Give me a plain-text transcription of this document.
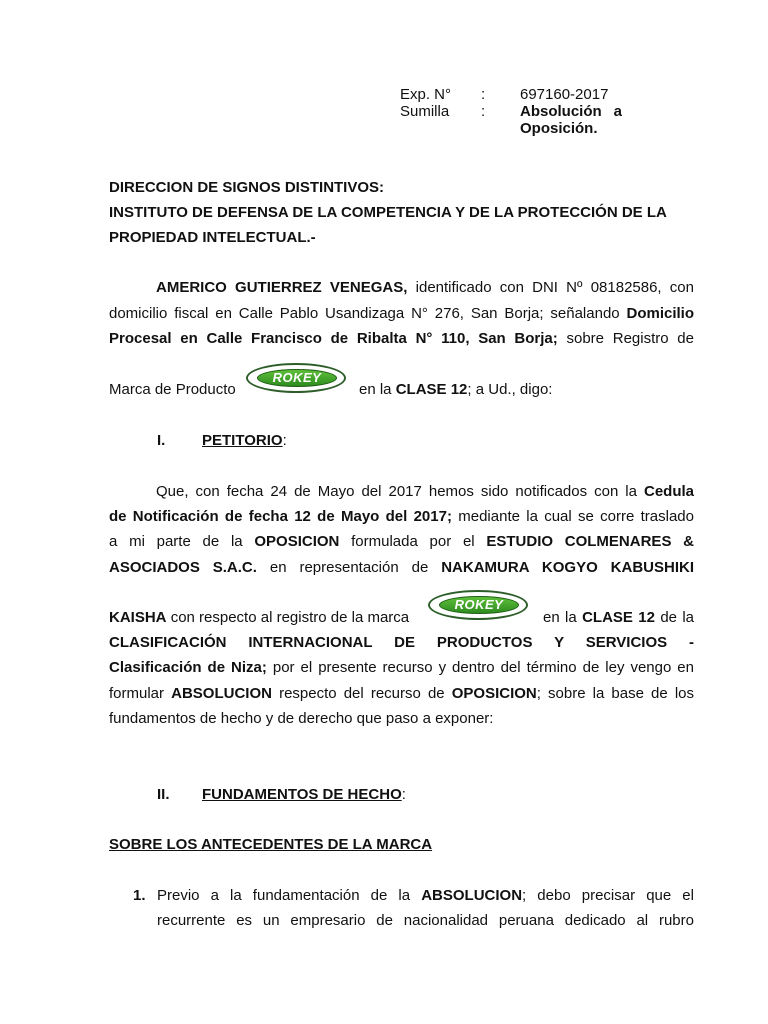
Exp. N° : 697160-2017
Sumilla : Absolución a
Oposición.
DIRECCION DE SIGNOS DISTINTIVOS:
INSTITUTO DE DEFENSA DE LA COMPETENCIA Y DE LA PROTECCIÓN DE LA
PROPIEDAD INTELECTUAL.-
AMERICO GUTIERREZ VENEGAS, identificado con DNI Nº 08182586, con
domicilio fiscal en Calle Pablo Usandizaga N° 276, San Borja; señalando Domicilio
Procesal en Calle Francisco de Ribalta N° 110, San Borja; sobre Registro de
Marca de Producto
ROKEY
en la CLASE 12; a Ud., digo:
I. PETITORIO:
Que, con fecha 24 de Mayo del 2017 hemos sido notificados con la Cedula
de Notificación de fecha 12 de Mayo del 2017; mediante la cual se corre traslado
a mi parte de la OPOSICION formulada por el ESTUDIO COLMENARES &
ASOCIADOS S.A.C. en representación de NAKAMURA KOGYO KABUSHIKI
KAISHA con respecto al registro de la marca
ROKEY
en la CLASE 12 de la
CLASIFICACIÓN INTERNACIONAL DE PRODUCTOS Y SERVICIOS -
Clasificación de Niza; por el presente recurso y dentro del término de ley vengo en
formular ABSOLUCION respecto del recurso de OPOSICION; sobre la base de los
fundamentos de hecho y de derecho que paso a exponer:
II. FUNDAMENTOS DE HECHO:
SOBRE LOS ANTECEDENTES DE LA MARCA
1. Previo a la fundamentación de la ABSOLUCION; debo precisar que el
recurrente es un empresario de nacionalidad peruana dedicado al rubro
